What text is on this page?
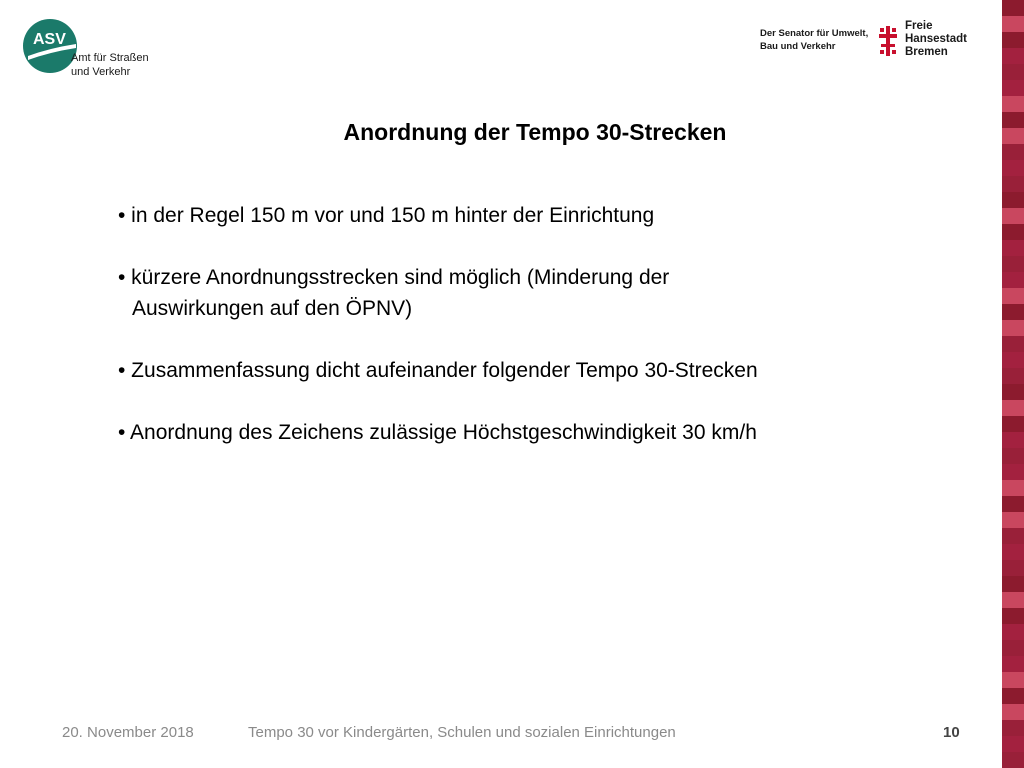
ASV
Amt für Straßen
und Verkehr
Der Senator für Umwelt,
Bau und Verkehr
Freie
Hansestadt
Bremen
Anordnung der Tempo 30-Strecken
• in der Regel 150 m vor und 150 m hinter der Einrichtung
• kürzere Anordnungsstrecken sind möglich (Minderung der
Auswirkungen auf den ÖPNV)
• Zusammenfassung dicht aufeinander folgender Tempo 30-Strecken
• Anordnung des Zeichens zulässige Höchstgeschwindigkeit 30 km/h
20. November 2018	Tempo 30 vor Kindergärten, Schulen und sozialen Einrichtungen	10
